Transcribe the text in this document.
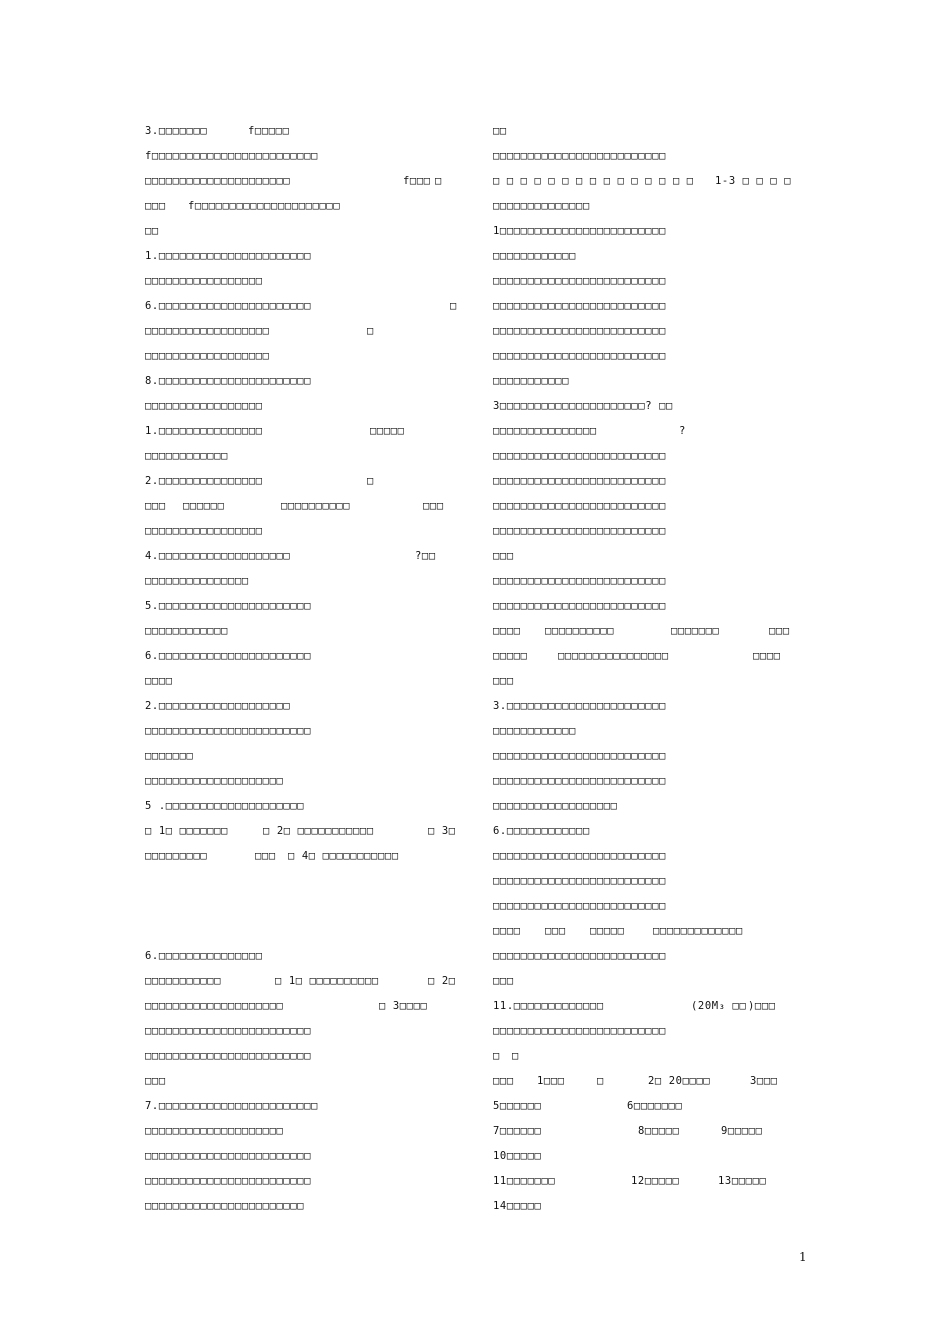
3.□□□□□□□	f□□□□□
f□□□□□□□□□□□□□□□□□□□□□□□□
□□□□□□□□□□□□□□□□□□□□□	f□□□ □
□□□ f□□□□□□□□□□□□□□□□□□□□□
□□
1.□□□□□□□□□□□□□□□□□□□□□□
□□□□□□□□□□□□□□□□□
6.□□□□□□□□□□□□□□□□□□□□□□	□
□□□□□□□□□□□□□□□□□□	□
□□□□□□□□□□□□□□□□□□
8.□□□□□□□□□□□□□□□□□□□□□□
□□□□□□□□□□□□□□□□□
1.□□□□□□□□□□□□□□□	□□□□□
□□□□□□□□□□□□
2.□□□□□□□□□□□□□□□	□
□□□ □□□□□□	□□□□□□□□□□	□□□
□□□□□□□□□□□□□□□□□
4.□□□□□□□□□□□□□□□□□□□	?□□
□□□□□□□□□□□□□□□
5.□□□□□□□□□□□□□□□□□□□□□□
□□□□□□□□□□□□
6.□□□□□□□□□□□□□□□□□□□□□□
□□□□
2.□□□□□□□□□□□□□□□□□□□
□□□□□□□□□□□□□□□□□□□□□□□□
□□□□□□□
□□□□□□□□□□□□□□□□□□□□
5 .□□□□□□□□□□□□□□□□□□□□
□ 1□ □□□□□□□	□ 2□ □□□□□□□□□□□	□ 3□
□□□□□□□□□	□□□ □ 4□ □□□□□□□□□□□
6.□□□□□□□□□□□□□□□
□□□□□□□□□□□	□ 1□ □□□□□□□□□□	□ 2□
□□□□□□□□□□□□□□□□□□□□	□ 3□□□□
□□□□□□□□□□□□□□□□□□□□□□□□
□□□□□□□□□□□□□□□□□□□□□□□□
□□□
7.□□□□□□□□□□□□□□□□□□□□□□□
□□□□□□□□□□□□□□□□□□□□
□□□□□□□□□□□□□□□□□□□□□□□□
□□□□□□□□□□□□□□□□□□□□□□□□
□□□□□□□□□□□□□□□□□□□□□□□
□□
□□□□□□□□□□□□□□□□□□□□□□□□□
□ □ □ □ □ □ □ □ □ □ □ □ □ □ □ 1-3 □ □ □ □
□□□□□□□□□□□□□□
1□□□□□□□□□□□□□□□□□□□□□□□□
□□□□□□□□□□□□
□□□□□□□□□□□□□□□□□□□□□□□□□
□□□□□□□□□□□□□□□□□□□□□□□□□
□□□□□□□□□□□□□□□□□□□□□□□□□
□□□□□□□□□□□□□□□□□□□□□□□□□
□□□□□□□□□□□
3□□□□□□□□□□□□□□□□□□□□□? □□
□□□□□□□□□□□□□□□	?
□□□□□□□□□□□□□□□□□□□□□□□□□
□□□□□□□□□□□□□□□□□□□□□□□□□
□□□□□□□□□□□□□□□□□□□□□□□□□
□□□□□□□□□□□□□□□□□□□□□□□□□
□□□
□□□□□□□□□□□□□□□□□□□□□□□□□
□□□□□□□□□□□□□□□□□□□□□□□□□
□□□□ □□□□□□□□□□	□□□□□□□	□□□
□□□□□	□□□□□□□□□□□□□□□□	□□□□
□□□
3.□□□□□□□□□□□□□□□□□□□□□□□
□□□□□□□□□□□□
□□□□□□□□□□□□□□□□□□□□□□□□□
□□□□□□□□□□□□□□□□□□□□□□□□□
□□□□□□□□□□□□□□□□□□
6.□□□□□□□□□□□□
□□□□□□□□□□□□□□□□□□□□□□□□□
□□□□□□□□□□□□□□□□□□□□□□□□□
□□□□□□□□□□□□□□□□□□□□□□□□□
□□□□ □□□ □□□□□	□□□□□□□□□□□□□
□□□□□□□□□□□□□□□□□□□□□□□□□
□□□
11.□□□□□□□□□□□□□	(20M₃ □□ )□□□
□□□□□□□□□□□□□□□□□□□□□□□□□
□ □
□□□ 1□□□	□	2□ 20□□□□	3□□□
5□□□□□□	6□□□□□□□
7□□□□□□	8□□□□□	9□□□□□
10□□□□□
11□□□□□□□	12□□□□□	13□□□□□
14□□□□□
1
